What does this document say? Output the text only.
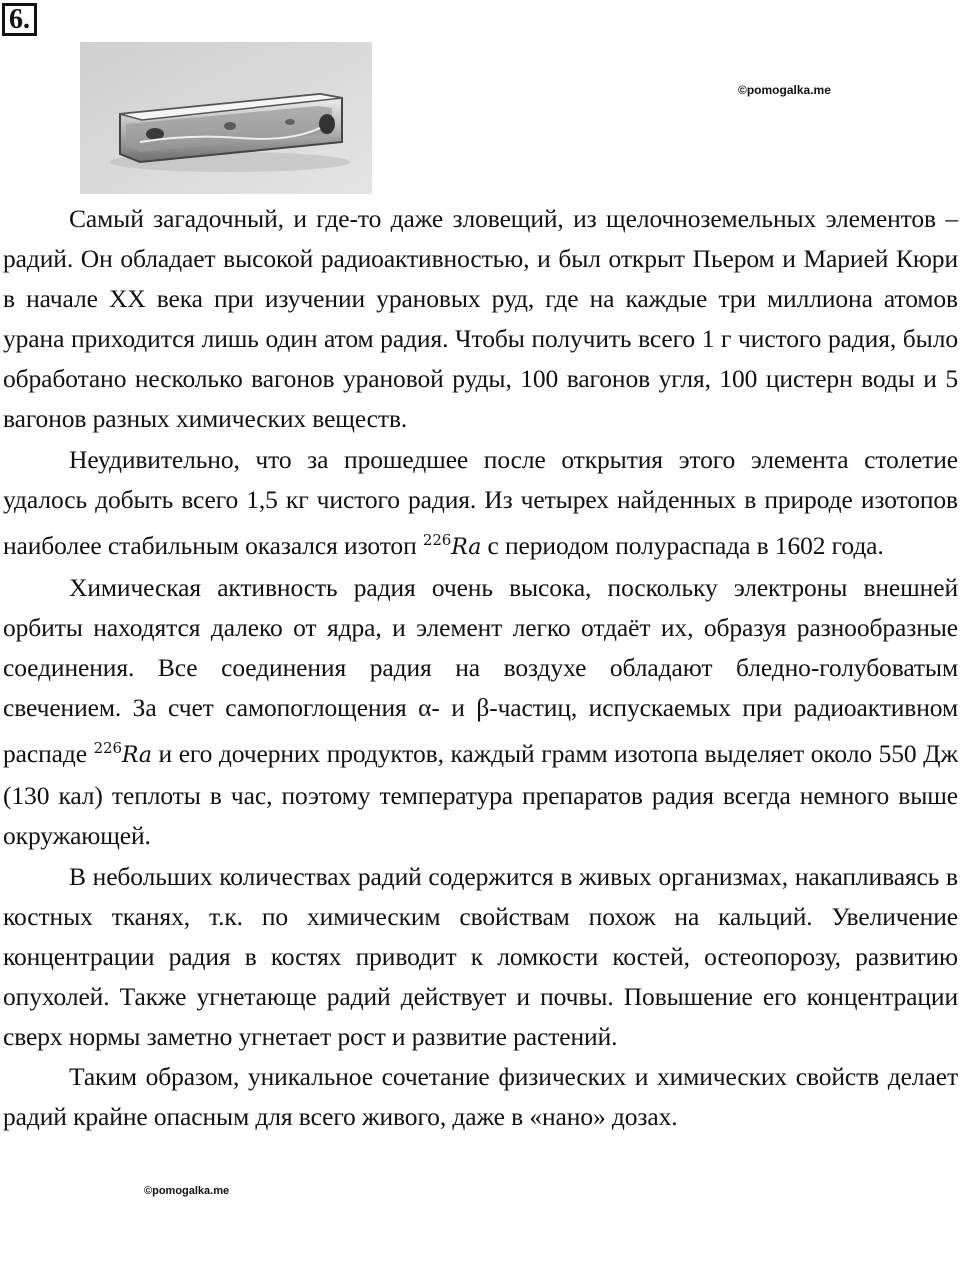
6.
©pomogalka.me

Самый загадочный, и где-то даже зловещий, из щелочноземельных элементов – радий. Он обладает высокой радиоактивностью, и был открыт Пьером и Марией Кюри в начале XX века при изучении урановых руд, где на каждые три миллиона атомов урана приходится лишь один атом радия. Чтобы получить всего 1 г чистого радия, было обработано несколько вагонов урановой руды, 100 вагонов угля, 100 цистерн воды и 5 вагонов разных химических веществ.

Неудивительно, что за прошедшее после открытия этого элемента столетие удалось добыть всего 1,5 кг чистого радия. Из четырех найденных в природе изотопов наиболее стабильным оказался изотоп $^{226}$Ra с периодом полураспада в 1602 года.

Химическая активность радия очень высока, поскольку электроны внешней орбиты находятся далеко от ядра, и элемент легко отдаёт их, образуя разнообразные соединения. Все соединения радия на воздухе обладают бледно-голубоватым свечением. За счет самопоглощения α- и β-частиц, испускаемых при радиоактивном распаде $^{226}$Ra и его дочерних продуктов, каждый грамм изотопа выделяет около 550 Дж (130 кал) теплоты в час, поэтому температура препаратов радия всегда немного выше окружающей.

В небольших количествах радий содержится в живых организмах, накапливаясь в костных тканях, т.к. по химическим свойствам похож на кальций. Увеличение концентрации радия в костях приводит к ломкости костей, остеопорозу, развитию опухолей. Также угнетающе радий действует и почвы. Повышение его концентрации сверх нормы заметно угнетает рост и развитие растений.

Таким образом, уникальное сочетание физических и химических свойств делает радий крайне опасным для всего живого, даже в «нано» дозах.

©pomogalka.me
